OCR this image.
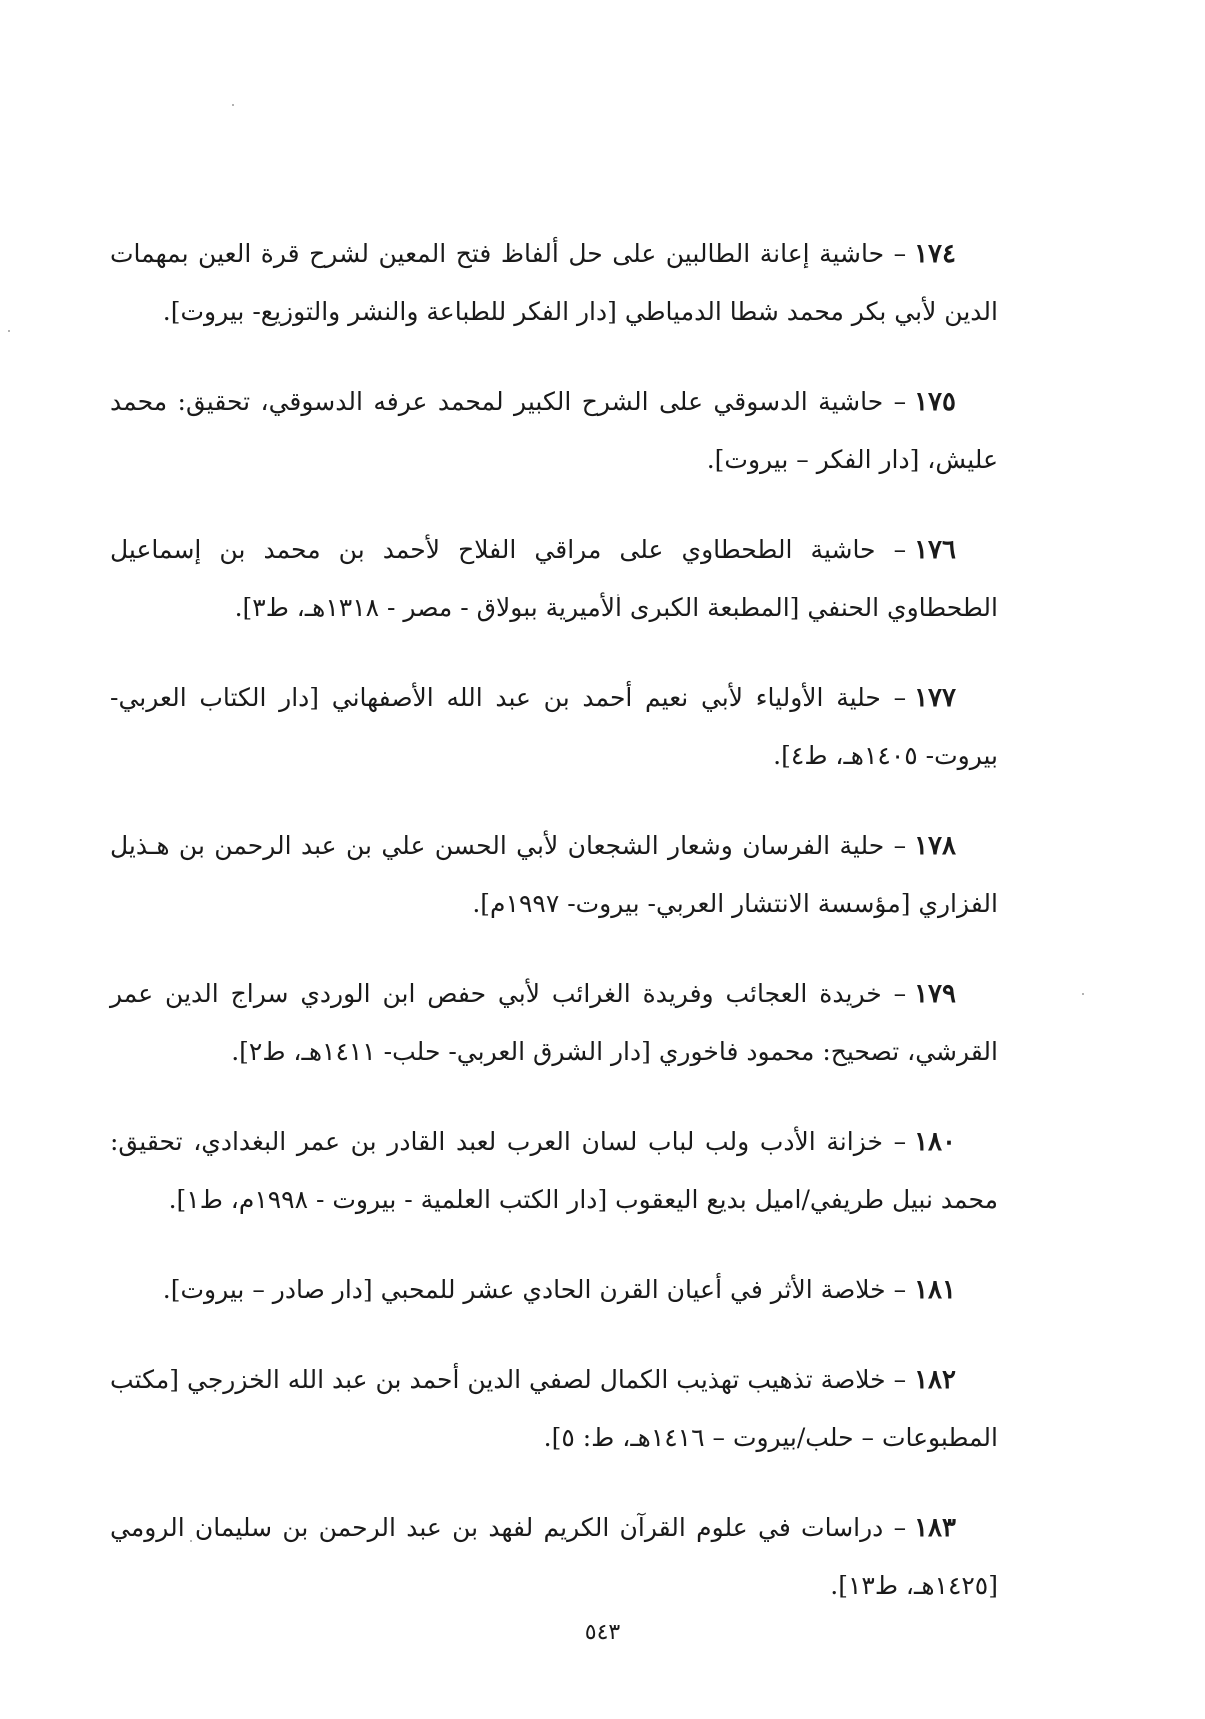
١٧٤– حاشية إعانة الطالبين على حل ألفاظ فتح المعين لشرح قرة العين بمهمات الدين لأبي بكر محمد شطا الدمياطي [دار الفكر للطباعة والنشر والتوزيع- بيروت].

١٧٥– حاشية الدسوقي على الشرح الكبير لمحمد عرفه الدسوقي، تحقيق: محمد عليش، [دار الفكر – بيروت].

١٧٦– حاشية الطحطاوي على مراقي الفلاح لأحمد بن محمد بن إسماعيل الطحطاوي الحنفي [المطبعة الكبرى الأميرية ببولاق - مصر - ١٣١٨هـ، ط٣].

١٧٧– حلية الأولياء لأبي نعيم أحمد بن عبد الله الأصفهاني [دار الكتاب العربي- بيروت- ١٤٠٥هـ، ط٤].

١٧٨– حلية الفرسان وشعار الشجعان لأبي الحسن علي بن عبد الرحمن بن هـذيل الفزاري [مؤسسة الانتشار العربي- بيروت- ١٩٩٧م].

١٧٩– خريدة العجائب وفريدة الغرائب لأبي حفص ابن الوردي سراج الدين عمر القرشي، تصحيح: محمود فاخوري [دار الشرق العربي- حلب- ١٤١١هـ، ط٢].

١٨٠– خزانة الأدب ولب لباب لسان العرب لعبد القادر بن عمر البغدادي، تحقيق: محمد نبيل طريفي/اميل بديع اليعقوب [دار الكتب العلمية - بيروت - ١٩٩٨م، ط١].

١٨١– خلاصة الأثر في أعيان القرن الحادي عشر للمحبي [دار صادر – بيروت].

١٨٢– خلاصة تذهيب تهذيب الكمال لصفي الدين أحمد بن عبد الله الخزرجي [مكتب المطبوعات – حلب/بيروت – ١٤١٦هـ، ط: ٥].

١٨٣– دراسات في علوم القرآن الكريم لفهد بن عبد الرحمن بن سليمان الرومي [١٤٢٥هـ، ط١٣].

٥٤٣
